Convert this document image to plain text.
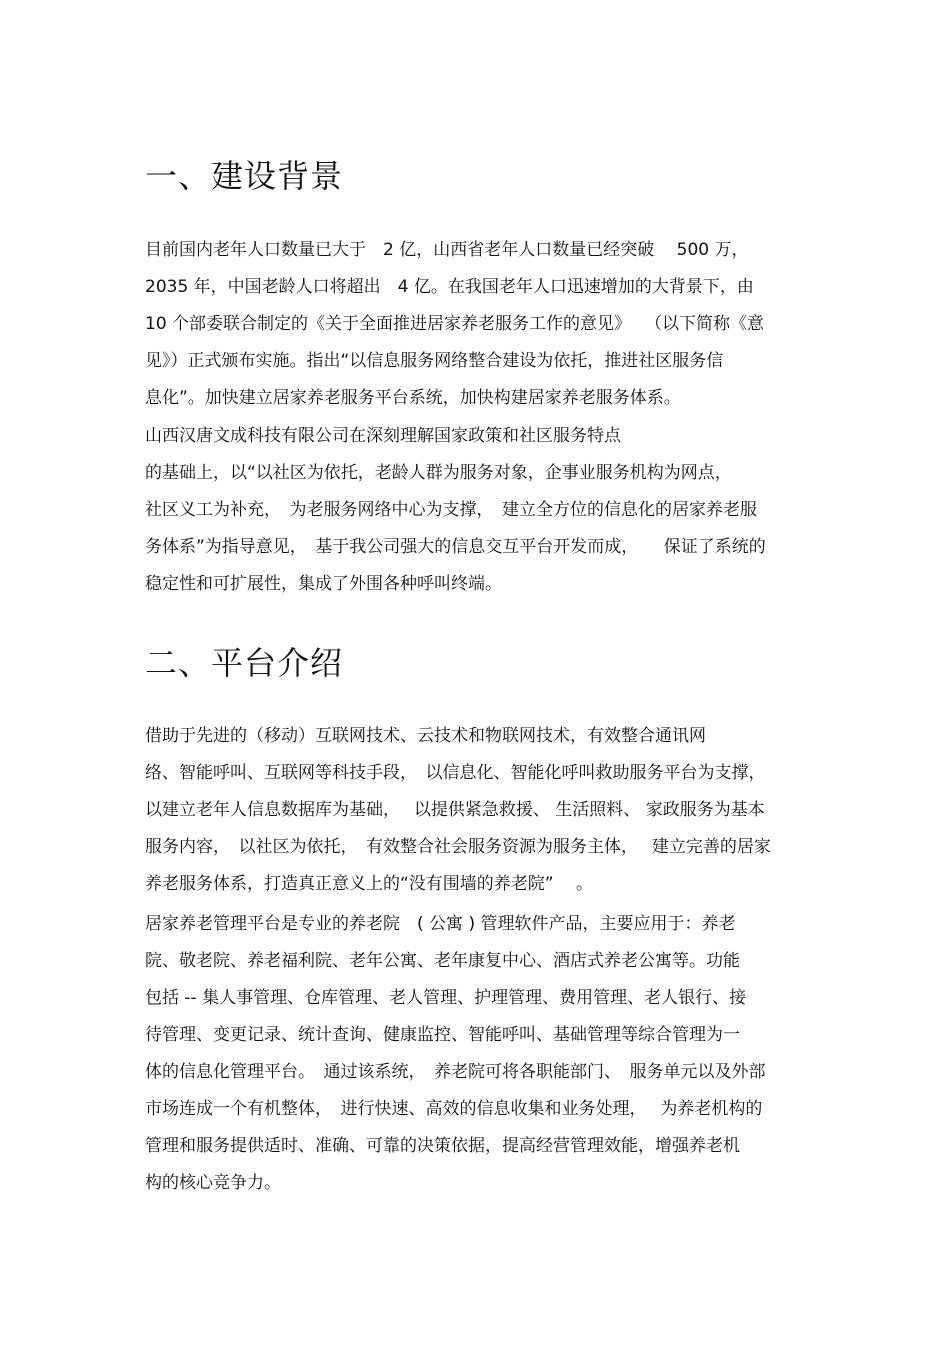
一、建设背景
目前国内老年人口数量已大于　2 亿，山西省老年人口数量已经突破　 500 万，
2035 年，中国老龄人口将超出　4 亿。在我国老年人口迅速增加的大背景下，由
10 个部委联合制定的《关于全面推进居家养老服务工作的意见》　 （以下简称《意
见》）正式颁布实施。指出“以信息服务网络整合建设为依托，推进社区服务信
息化”。加快建立居家养老服务平台系统，加快构建居家养老服务体系。
山西汉唐文成科技有限公司在深刻理解国家政策和社区服务特点
的基础上，以“以社区为依托，老龄人群为服务对象，企事业服务机构为网点，
社区义工为补充，　为老服务网络中心为支撑，　建立全方位的信息化的居家养老服
务体系”为指导意见，　基于我公司强大的信息交互平台开发而成，　　保证了系统的
稳定性和可扩展性，集成了外围各种呼叫终端。
二、平台介绍
借助于先进的（移动）互联网技术、云技术和物联网技术，有效整合通讯网
络、智能呼叫、互联网等科技手段，　以信息化、智能化呼叫救助服务平台为支撑，
以建立老年人信息数据库为基础，　 以提供紧急救援、 生活照料、 家政服务为基本
服务内容，　以社区为依托，　有效整合社会服务资源为服务主体，　 建立完善的居家
养老服务体系，打造真正意义上的“没有围墙的养老院”　 。
居家养老管理平台是专业的养老院　( 公寓 ) 管理软件产品，主要应用于：养老
院、敬老院、养老福利院、老年公寓、老年康复中心、酒店式养老公寓等。功能
包括 -- 集人事管理、仓库管理、老人管理、护理管理、费用管理、老人银行、接
待管理、变更记录、统计查询、健康监控、智能呼叫、基础管理等综合管理为一
体的信息化管理平台。　通过该系统，　养老院可将各职能部门、　服务单元以及外部
市场连成一个有机整体，　进行快速、高效的信息收集和业务处理，　 为养老机构的
管理和服务提供适时、准确、可靠的决策依据，提高经营管理效能，增强养老机
构的核心竞争力。
